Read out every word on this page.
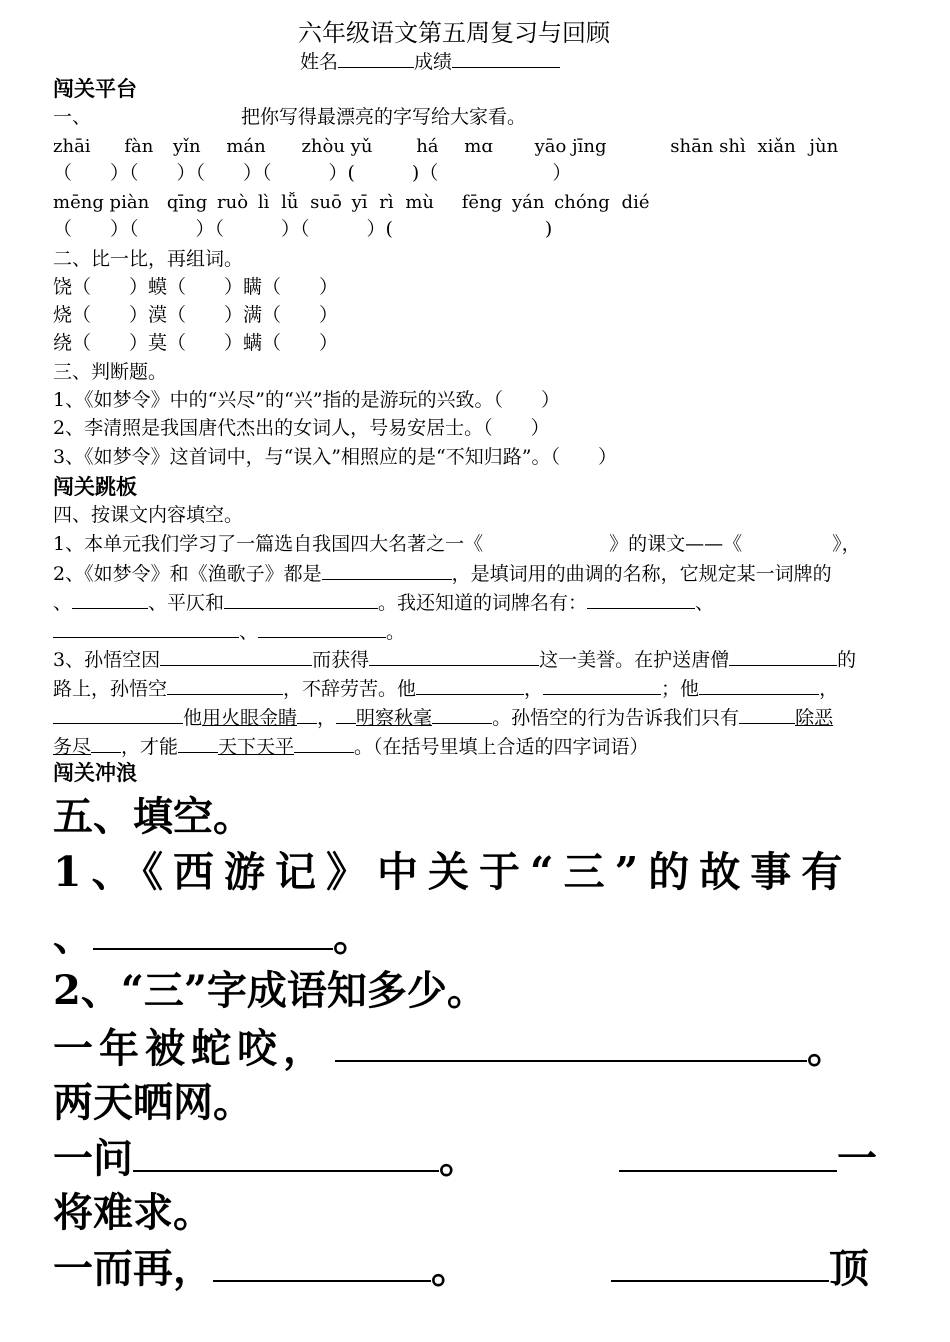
六年级语文第五周复习与回顾
姓名	成绩
闯关平台
一、	把你写得最漂亮的字写给大家看。
zhāi fàn yǐn mán zhòu yǔ há mɑ yāo jīng	shān shì xiǎn jùn
（　　）（　　）（　　）（　　　）(　　　)（　　　　　　）
mēng piàn qīng ruò lì lǚ suō yī rì mù fēng yán chóng dié
（　　）（　　　）（　　　）（　　　）(　　　　　　　　)
二、比一比，再组词。
饶（　　）蟆（　　）瞒（　　）
烧（　　）漠（　　）满（　　）
绕（　　）莫（　　）螨（　　）
三、判断题。
1、《如梦令》中的“兴尽”的“兴”指的是游玩的兴致。（　　）
2、李清照是我国唐代杰出的女词人，号易安居士。（　　）
3、《如梦令》这首词中，与“误入”相照应的是“不知归路”。（　　）
闯关跳板
四、按课文内容填空。
1、本单元我们学习了一篇选自我国四大名著之一《	》的课文——《	》，
2、《如梦令》和《渔歌子》都是	，是填词用的曲调的名称，它规定某一词牌的
、	、平仄和	。我还知道的词牌名有：	、
、	。
3、孙悟空因	而获得	这一美誉。在护送唐僧	的
路上，孙悟空	，不辞劳苦。他	，	；他	，
他用火眼金睛 ， 明察秋毫	。孙悟空的行为告诉我们只有	除恶
务尽 ，才能 天下天平	。（在括号里填上合适的四字词语）
闯关冲浪
五、填空。
1、《西游记》中关于“三”的故事有
、	。
2、“三”字成语知多少。
一年被蛇咬，	。
两天晒网。
一问	。	一
将难求。
一而再，	。	顶
